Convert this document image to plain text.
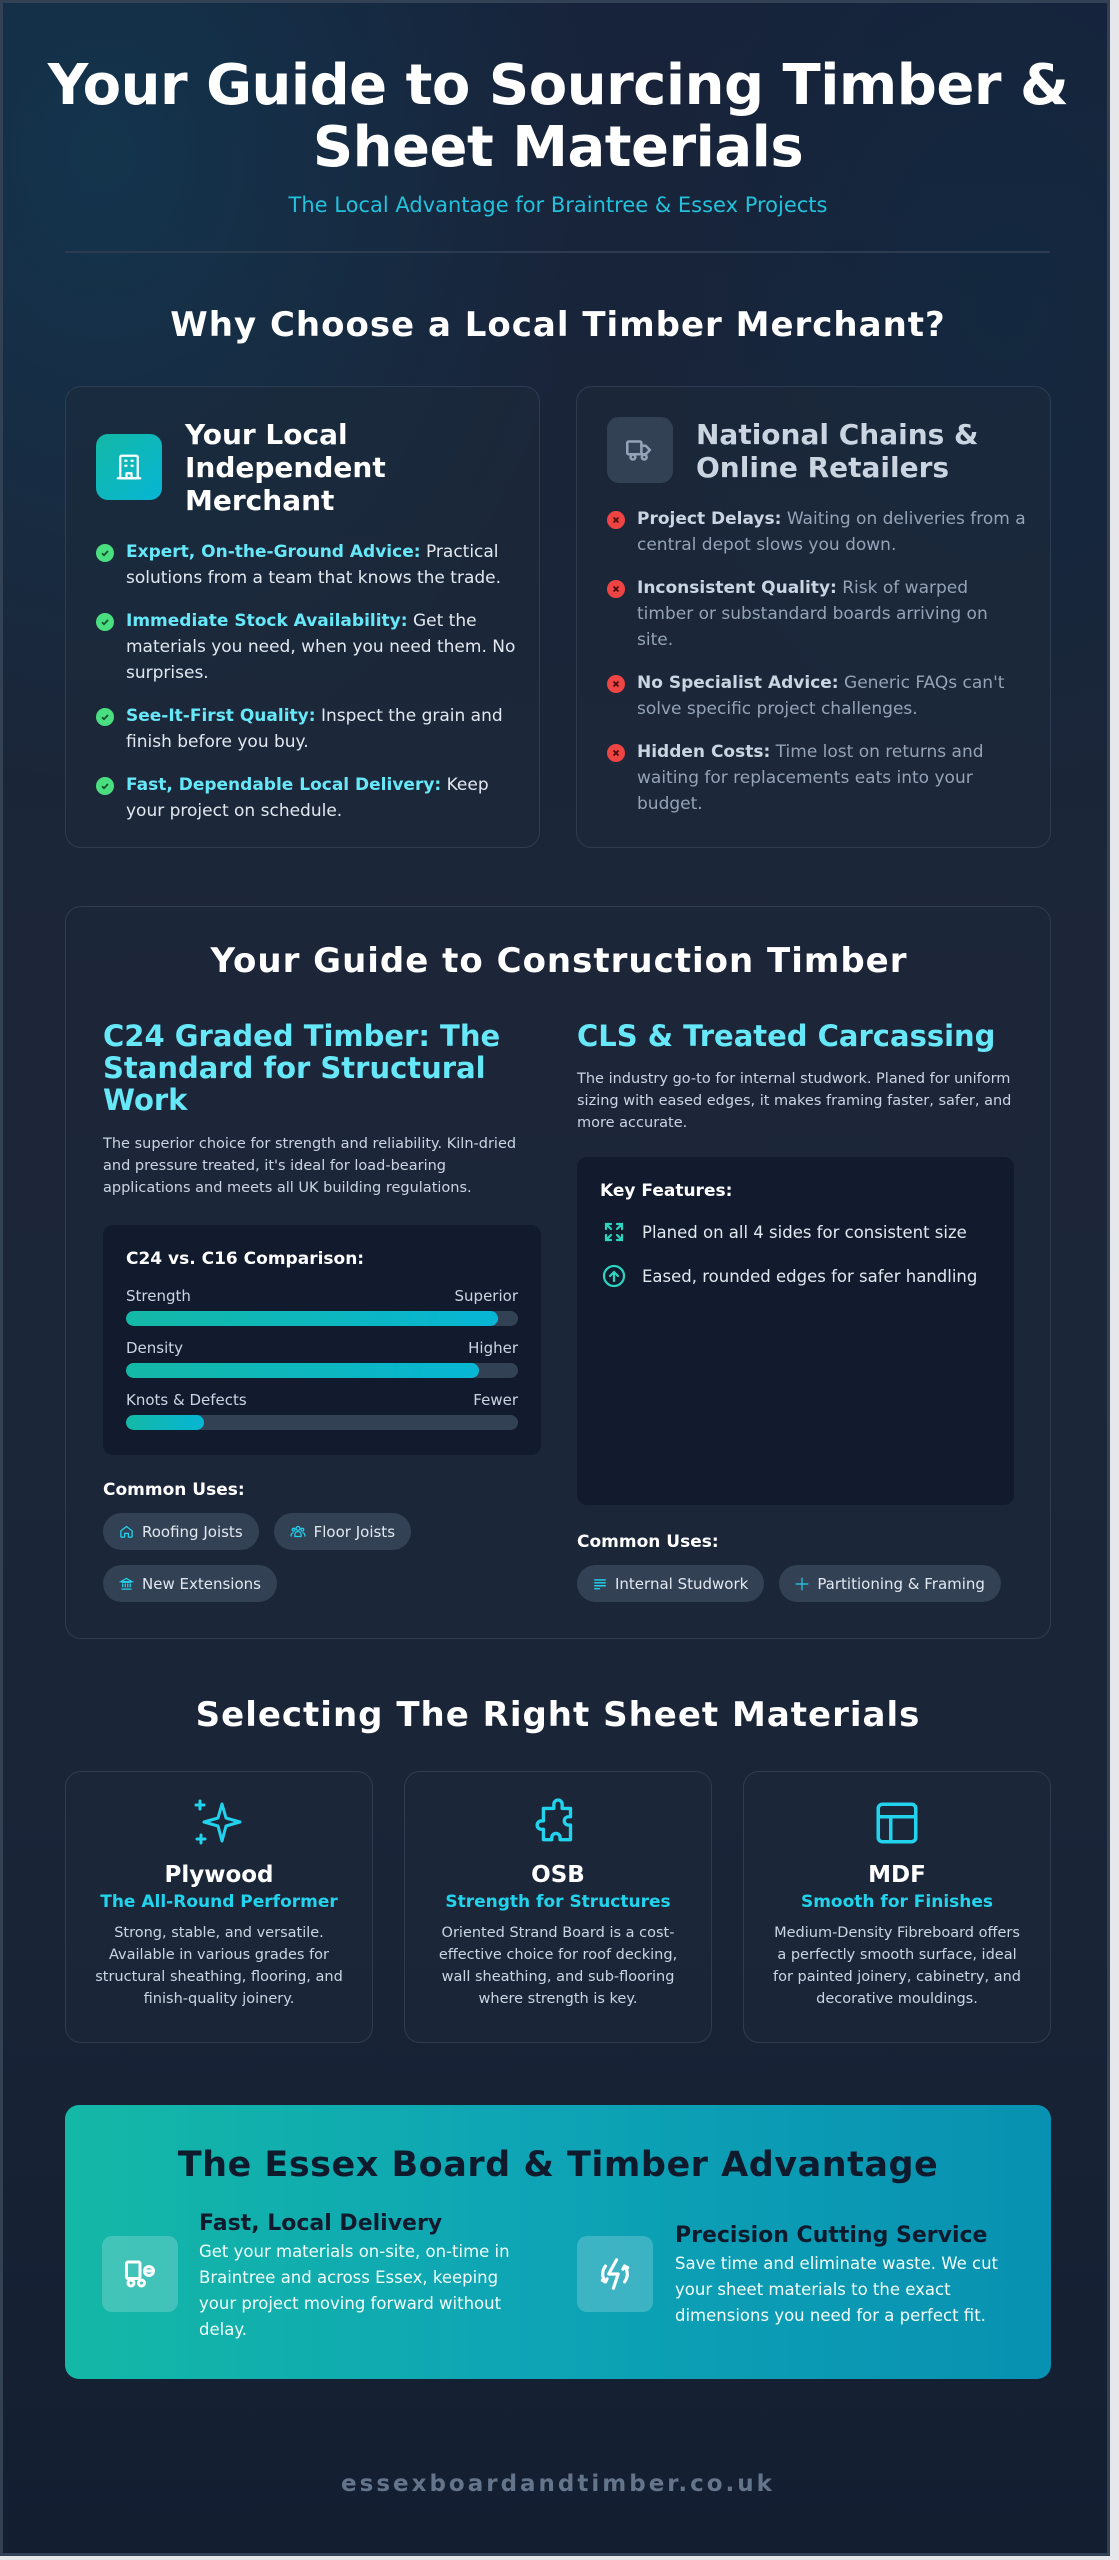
Your Guide to Sourcing Timber & Sheet Materials
The Local Advantage for Braintree & Essex Projects
Why Choose a Local Timber Merchant?
Your Local Independent Merchant
Expert, On-the-Ground Advice: Practical solutions from a team that knows the trade.
Immediate Stock Availability: Get the materials you need, when you need them. No surprises.
See-It-First Quality: Inspect the grain and finish before you buy.
Fast, Dependable Local Delivery: Keep your project on schedule.
National Chains & Online Retailers
Project Delays: Waiting on deliveries from a central depot slows you down.
Inconsistent Quality: Risk of warped timber or substandard boards arriving on site.
No Specialist Advice: Generic FAQs can't solve specific project challenges.
Hidden Costs: Time lost on returns and waiting for replacements eats into your budget.
Your Guide to Construction Timber
C24 Graded Timber: The Standard for Structural Work
The superior choice for strength and reliability. Kiln-dried and pressure treated, it's ideal for load-bearing applications and meets all UK building regulations.
C24 vs. C16 Comparison:
Strength	Superior
Density	Higher
Knots & Defects	Fewer
Common Uses:
Roofing Joists	Floor Joists
New Extensions
CLS & Treated Carcassing
The industry go-to for internal studwork. Planed for uniform sizing with eased edges, it makes framing faster, safer, and more accurate.
Key Features:
Planed on all 4 sides for consistent size
Eased, rounded edges for safer handling
Common Uses:
Internal Studwork	Partitioning & Framing
Selecting The Right Sheet Materials
Plywood
The All-Round Performer
Strong, stable, and versatile. Available in various grades for structural sheathing, flooring, and finish-quality joinery.
OSB
Strength for Structures
Oriented Strand Board is a cost-effective choice for roof decking, wall sheathing, and sub-flooring where strength is key.
MDF
Smooth for Finishes
Medium-Density Fibreboard offers a perfectly smooth surface, ideal for painted joinery, cabinetry, and decorative mouldings.
The Essex Board & Timber Advantage
Fast, Local Delivery
Get your materials on-site, on-time in Braintree and across Essex, keeping your project moving forward without delay.
Precision Cutting Service
Save time and eliminate waste. We cut your sheet materials to the exact dimensions you need for a perfect fit.
essexboardandtimber.co.uk
